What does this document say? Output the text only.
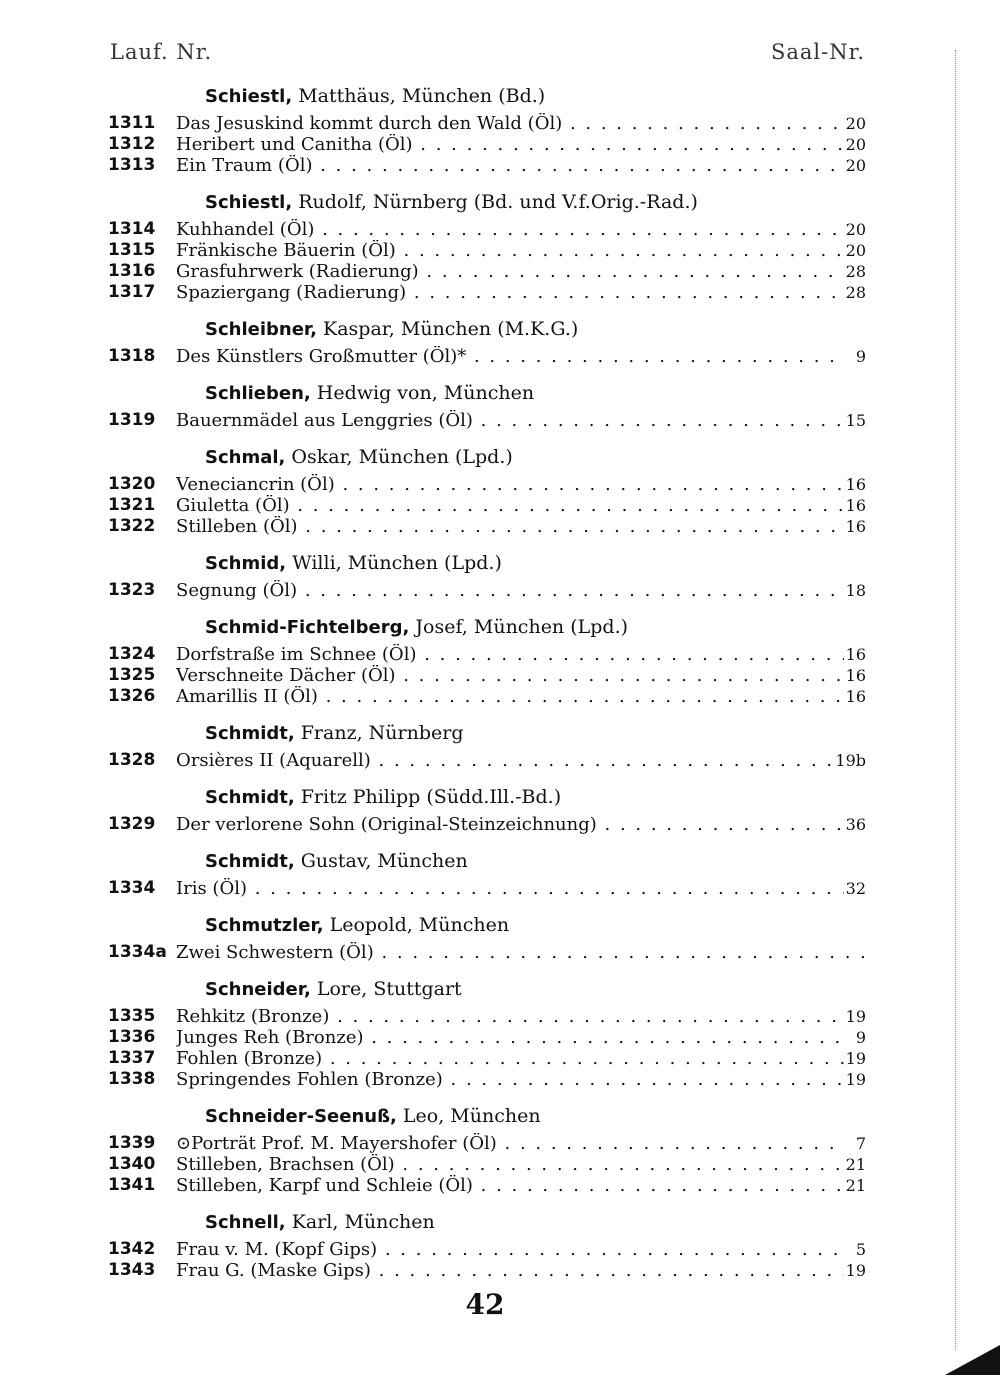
Lauf. Nr.	Saal-Nr.
Schiestl, Matthäus, München (Bd.)
1311	Das Jesuskind kommt durch den Wald (Öl) . . .	20
1312	Heribert und Canitha (Öl) . . .	20
1313	Ein Traum (Öl) . . .	20
Schiestl, Rudolf, Nürnberg (Bd. und V.f.Orig.-Rad.)
1314	Kuhhandel (Öl) . . .	20
1315	Fränkische Bäuerin (Öl) . . .	20
1316	Grasfuhrwerk (Radierung) . . .	28
1317	Spaziergang (Radierung) . . .	28
Schleibner, Kaspar, München (M.K.G.)
1318	Des Künstlers Großmutter (Öl)* . . .	9
Schlieben, Hedwig von, München
1319	Bauernmädel aus Lenggries (Öl) . . .	15
Schmal, Oskar, München (Lpd.)
1320	Veneciancrin (Öl) . . .	16
1321	Giuletta (Öl) . . .	16
1322	Stilleben (Öl) . . .	16
Schmid, Willi, München (Lpd.)
1323	Segnung (Öl) . . .	18
Schmid-Fichtelberg, Josef, München (Lpd.)
1324	Dorfstraße im Schnee (Öl) . . .	16
1325	Verschneite Dächer (Öl) . . .	16
1326	Amarillis II (Öl) . . .	16
Schmidt, Franz, Nürnberg
1328	Orsières II (Aquarell) . . .	19b
Schmidt, Fritz Philipp (Südd.Ill.-Bd.)
1329	Der verlorene Sohn (Original-Steinzeichnung) . . .	36
Schmidt, Gustav, München
1334	Iris (Öl) . . .	32
Schmutzler, Leopold, München
1334a Zwei Schwestern (Öl) . . .
Schneider, Lore, Stuttgart
1335	Rehkitz (Bronze) . . .	19
1336	Junges Reh (Bronze) . . .	9
1337	Fohlen (Bronze) . . .	19
1338	Springendes Fohlen (Bronze) . . .	19
Schneider-Seenuß, Leo, München
1339	⊙Porträt Prof. M. Mayershofer (Öl) . . .	7
1340	Stilleben, Brachsen (Öl) . . .	21
1341	Stilleben, Karpf und Schleie (Öl) . . .	21
Schnell, Karl, München
1342	Frau v. M. (Kopf Gips) . . .	5
1343	Frau G. (Maske Gips) . . .	19
42
